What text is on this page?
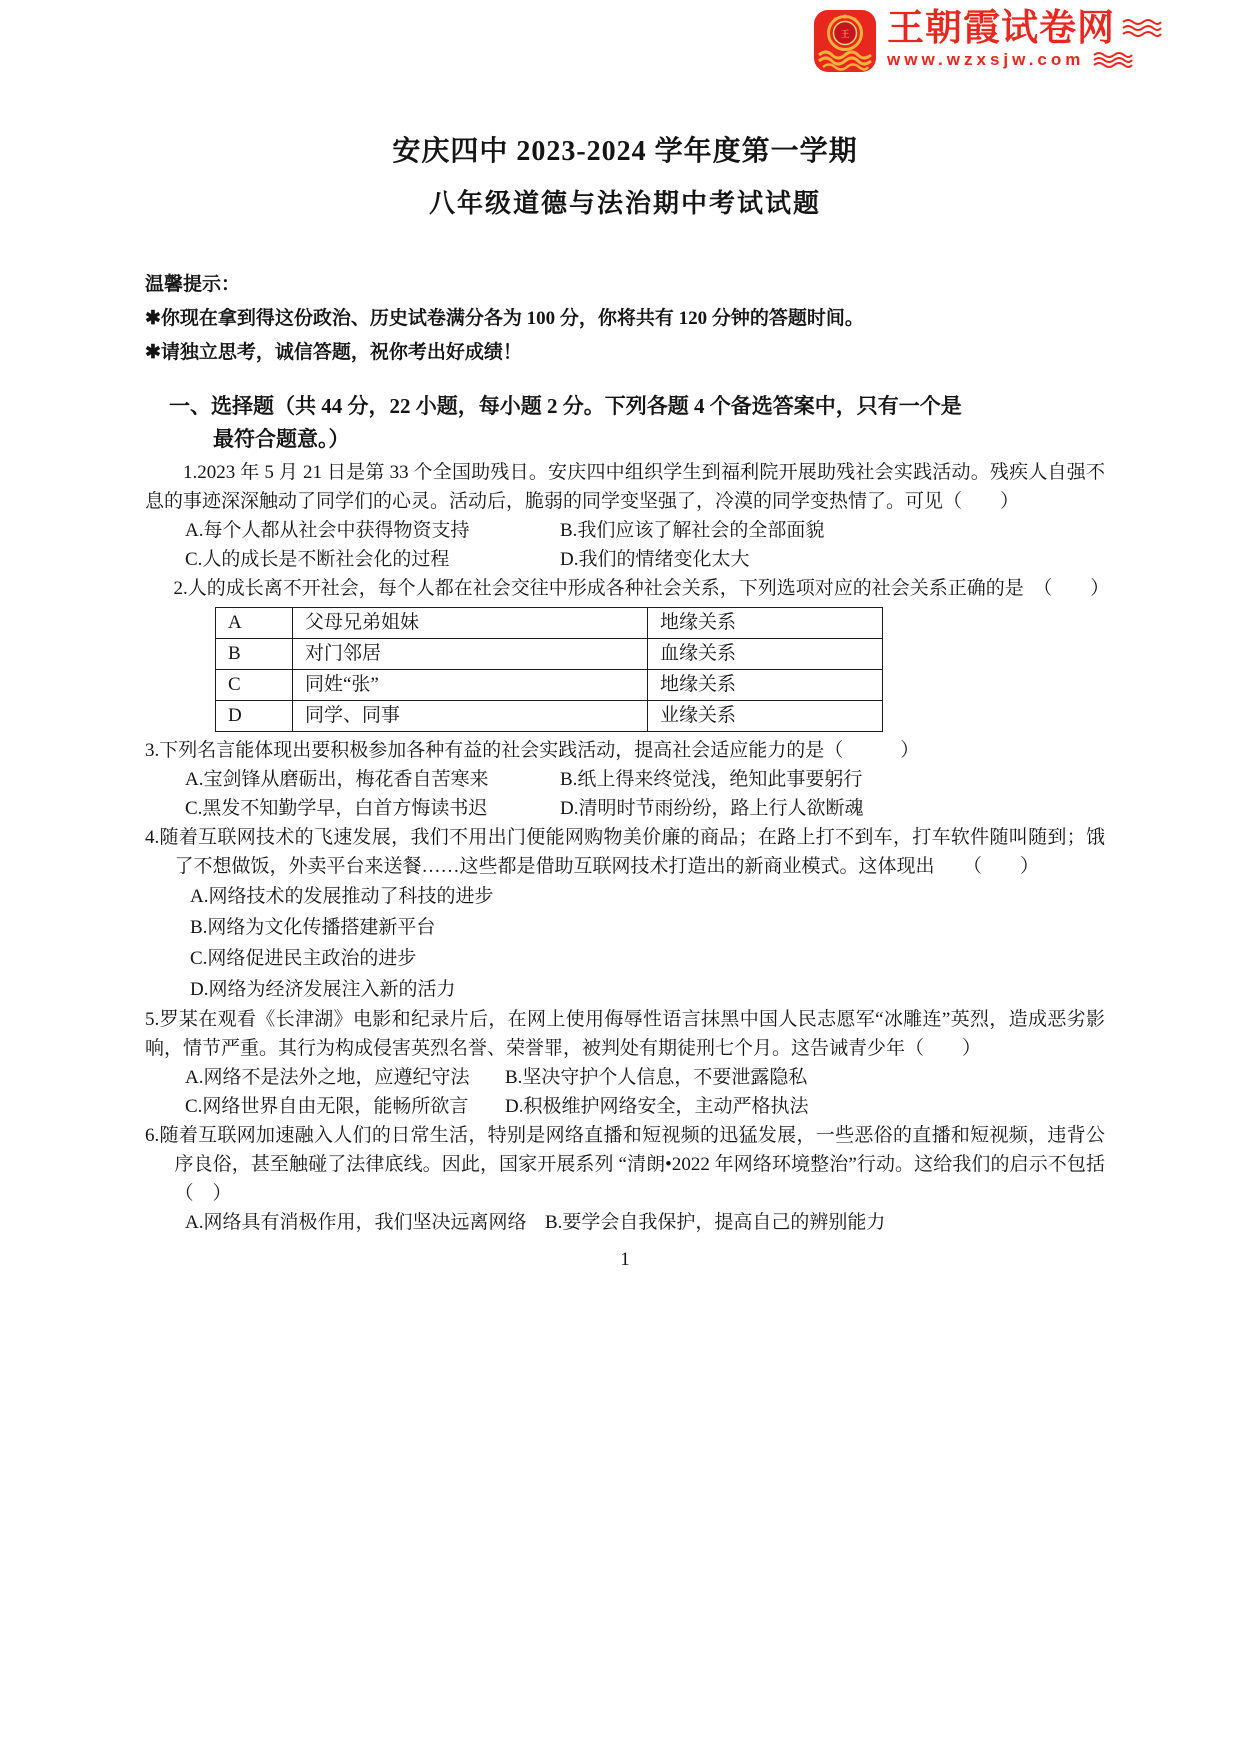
王 王朝霞试卷网
www.wzxsjw.com
安庆四中 2023-2024 学年度第一学期
八年级道德与法治期中考试试题
温馨提示：
✱你现在拿到得这份政治、历史试卷满分各为 100 分，你将共有 120 分钟的答题时间。
✱请独立思考，诚信答题，祝你考出好成绩！
一、选择题（共 44 分，22 小题，每小题 2 分。下列各题 4 个备选答案中，只有一个是
最符合题意。）

1.2023 年 5 月 21 日是第 33 个全国助残日。安庆四中组织学生到福利院开展助残社会实践活动。残疾人自强不息的事迹深深触动了同学们的心灵。活动后，脆弱的同学变坚强了，冷漠的同学变热情了。可见（　　）

A.每个人都从社会中获得物资支持	B.我们应该了解社会的全部面貌
C.人的成长是不断社会化的过程	D.我们的情绪变化太大

2.人的成长离不开社会，每个人都在社会交往中形成各种社会关系，下列选项对应的社会关系正确的是　（　　）

A	父母兄弟姐妹	地缘关系
B	对门邻居	血缘关系
C	同姓“张”	地缘关系
D	同学、同事	业缘关系

3.下列名言能体现出要积极参加各种有益的社会实践活动，提高社会适应能力的是（　　　）

A.宝剑锋从磨砺出，梅花香自苦寒来	B.纸上得来终觉浅，绝知此事要躬行
C.黑发不知勤学早，白首方悔读书迟	D.清明时节雨纷纷，路上行人欲断魂

4.随着互联网技术的飞速发展，我们不用出门便能网购物美价廉的商品；在路上打不到车，打车软件随叫随到；饿了不想做饭，外卖平台来送餐……这些都是借助互联网技术打造出的新商业模式。这体现出　　（　　）

A.网络技术的发展推动了科技的进步
B.网络为文化传播搭建新平台
C.网络促进民主政治的进步
D.网络为经济发展注入新的活力

5.罗某在观看《长津湖》电影和纪录片后，在网上使用侮辱性语言抹黑中国人民志愿军“冰雕连”英烈，造成恶劣影响，情节严重。其行为构成侵害英烈名誉、荣誉罪，被判处有期徒刑七个月。这告诫青少年（　　）

A.网络不是法外之地，应遵纪守法	B.坚决守护个人信息，不要泄露隐私
C.网络世界自由无限，能畅所欲言	D.积极维护网络安全，主动严格执法

6.随着互联网加速融入人们的日常生活，特别是网络直播和短视频的迅猛发展，一些恶俗的直播和短视频，违背公序良俗，甚至触碰了法律底线。因此，国家开展系列 “清朗•2022 年网络环境整治”行动。这给我们的启示不包括（　）

A.网络具有消极作用，我们坚决远离网络 B.要学会自我保护，提高自己的辨别能力
1
